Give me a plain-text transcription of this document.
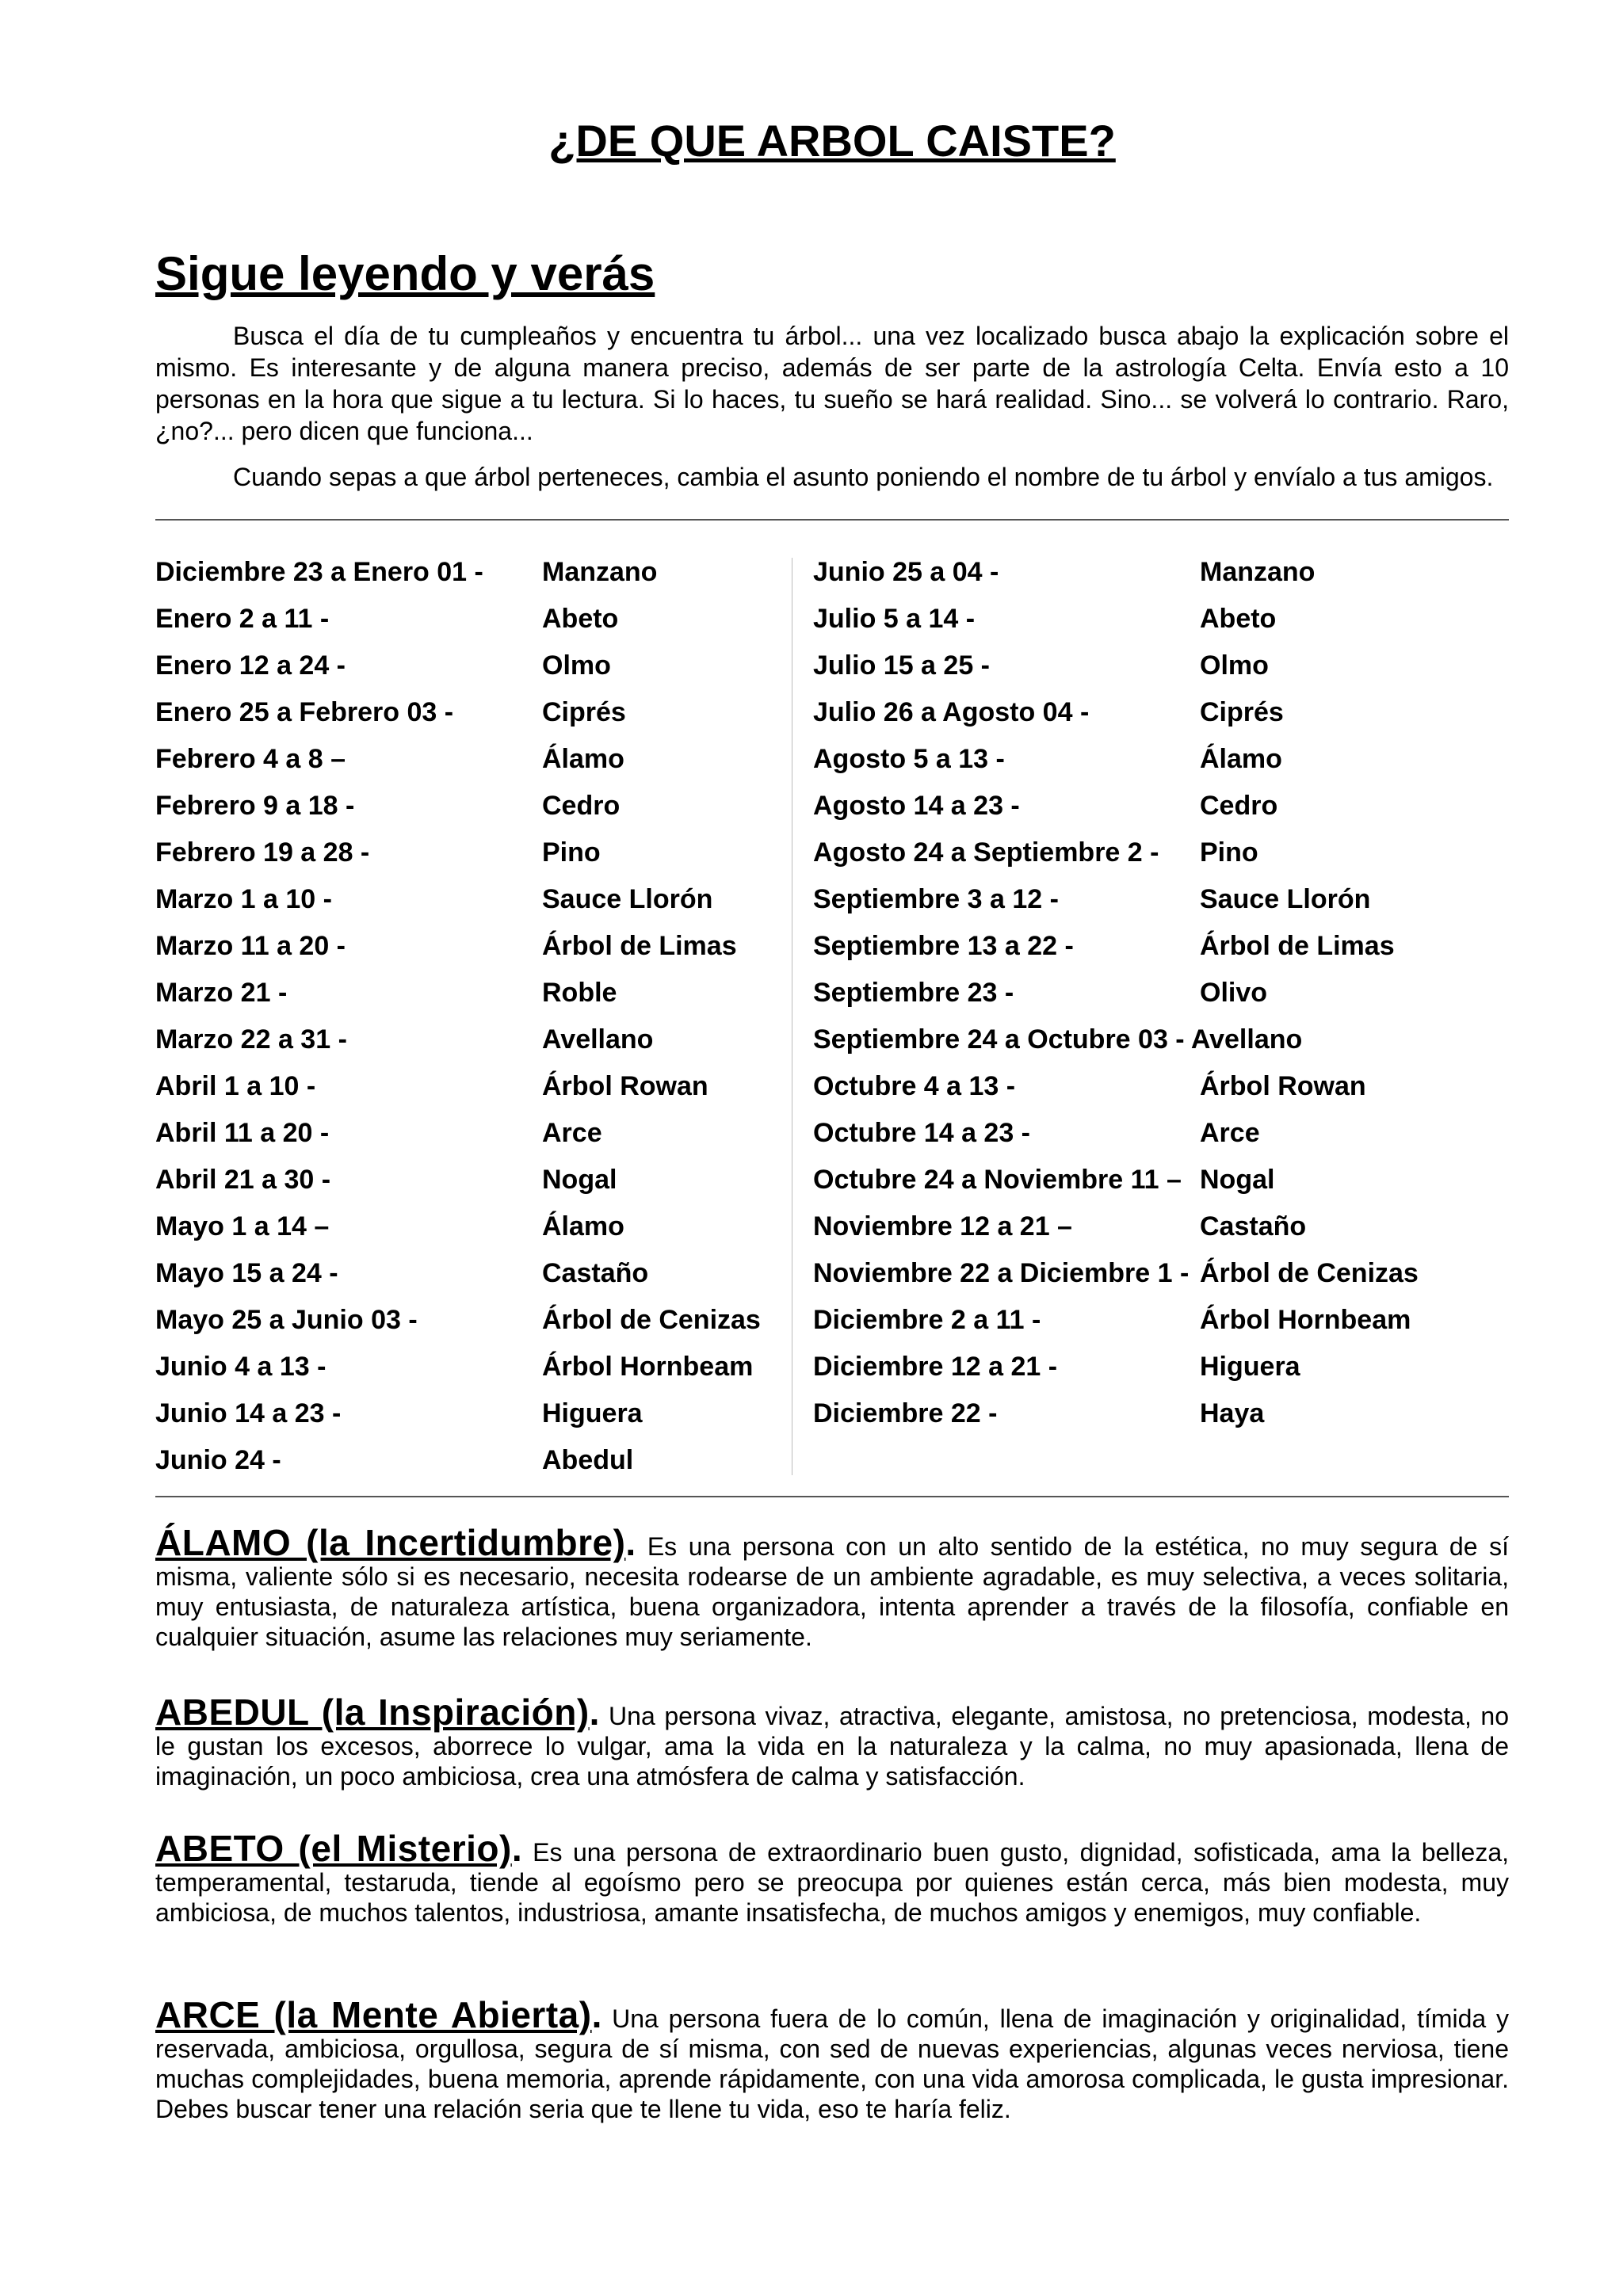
¿DE QUE ARBOL CAISTE?
Sigue leyendo y verás

Busca el día de tu cumpleaños y encuentra tu árbol... una vez localizado busca abajo la explicación sobre el mismo. Es interesante y de alguna manera preciso, además de ser parte de la astrología Celta. Envía esto a 10 personas en la hora que sigue a tu lectura. Si lo haces, tu sueño se hará realidad. Sino... se volverá lo contrario. Raro, ¿no?... pero dicen que funciona...

Cuando sepas a que árbol perteneces, cambia el asunto poniendo el nombre de tu árbol y envíalo a tus amigos.

Diciembre 23 a Enero 01 - Manzano
Enero 2 a 11 -	Abeto
Enero 12 a 24 -	Olmo
Enero 25 a Febrero 03 -	Ciprés
Febrero 4 a 8 –	Álamo
Febrero 9 a 18 -	Cedro
Febrero 19 a 28 -	Pino
Marzo 1 a 10 -	Sauce Llorón
Marzo 11 a 20 -	Árbol de Limas
Marzo 21 -	Roble
Marzo 22 a 31 -	Avellano
Abril 1 a 10 -	Árbol Rowan
Abril 11 a 20 -	Arce
Abril 21 a 30 -	Nogal
Mayo 1 a 14 –	Álamo
Mayo 15 a 24 -	Castaño
Mayo 25 a Junio 03 -	Árbol de Cenizas
Junio 4 a 13 -	Árbol Hornbeam
Junio 14 a 23 -	Higuera
Junio 24 -	Abedul
Junio 25 a 04 -	Manzano
Julio 5 a 14 -	Abeto
Julio 15 a 25 -	Olmo
Julio 26 a Agosto 04 -	Ciprés
Agosto 5 a 13 -	Álamo
Agosto 14 a 23 -	Cedro
Agosto 24 a Septiembre 2 - Pino
Septiembre 3 a 12 -	Sauce Llorón
Septiembre 13 a 22 -	Árbol de Limas
Septiembre 23 -	Olivo
Septiembre 24 a Octubre 03 - Avellano
Octubre 4 a 13 -	Árbol Rowan
Octubre 14 a 23 -	Arce
Octubre 24 a Noviembre 11 – Nogal
Noviembre 12 a 21 –	Castaño
Noviembre 22 a Diciembre 1 - Árbol de Cenizas
Diciembre 2 a 11 -	Árbol Hornbeam
Diciembre 12 a 21 -	Higuera
Diciembre 22 -	Haya

ÁLAMO (la Incertidumbre). Es una persona con un alto sentido de la estética, no muy segura de sí misma, valiente sólo si es necesario, necesita rodearse de un ambiente agradable, es muy selectiva, a veces solitaria, muy entusiasta, de naturaleza artística, buena organizadora, intenta aprender a través de la filosofía, confiable en cualquier situación, asume las relaciones muy seriamente.

ABEDUL (la Inspiración). Una persona vivaz, atractiva, elegante, amistosa, no pretenciosa, modesta, no le gustan los excesos, aborrece lo vulgar, ama la vida en la naturaleza y la calma, no muy apasionada, llena de imaginación, un poco ambiciosa, crea una atmósfera de calma y satisfacción.

ABETO (el Misterio). Es una persona de extraordinario buen gusto, dignidad, sofisticada, ama la belleza, temperamental, testaruda, tiende al egoísmo pero se preocupa por quienes están cerca, más bien modesta, muy ambiciosa, de muchos talentos, industriosa, amante insatisfecha, de muchos amigos y enemigos, muy confiable.

ARCE (la Mente Abierta). Una persona fuera de lo común, llena de imaginación y originalidad, tímida y reservada, ambiciosa, orgullosa, segura de sí misma, con sed de nuevas experiencias, algunas veces nerviosa, tiene muchas complejidades, buena memoria, aprende rápidamente, con una vida amorosa complicada, le gusta impresionar. Debes buscar tener una relación seria que te llene tu vida, eso te haría feliz.
